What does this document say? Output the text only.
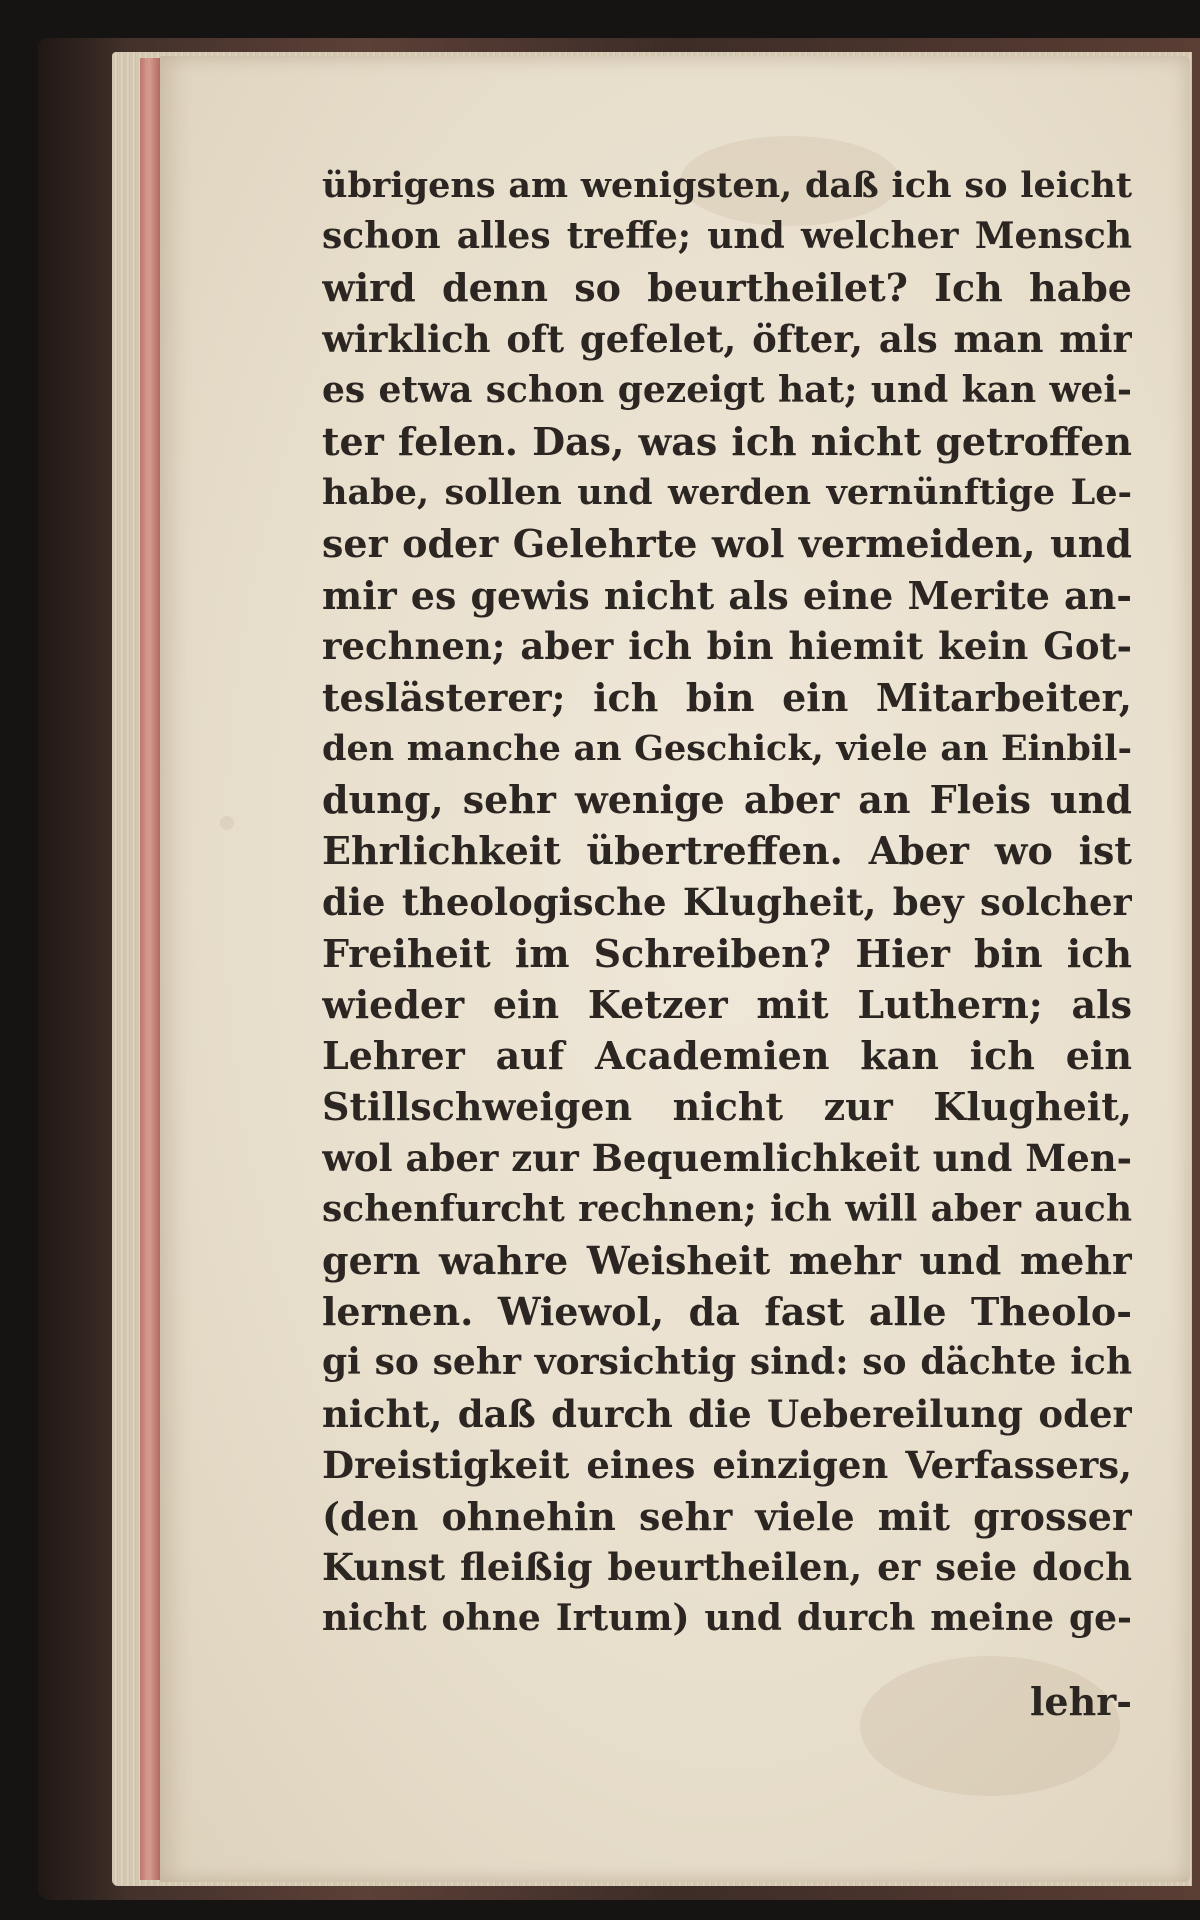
übrigens am wenigsten, daß ich so leicht
schon alles treffe; und welcher Mensch
wird denn so beurtheilet? Ich habe
wirklich oft gefelet, öfter, als man mir
es etwa schon gezeigt hat; und kan wei-
ter felen. Das, was ich nicht getroffen
habe, sollen und werden vernünftige Le-
ser oder Gelehrte wol vermeiden, und
mir es gewis nicht als eine Merite an-
rechnen; aber ich bin hiemit kein Got-
teslästerer; ich bin ein Mitarbeiter,
den manche an Geschick, viele an Einbil-
dung, sehr wenige aber an Fleis und
Ehrlichkeit übertreffen. Aber wo ist
die theologische Klugheit, bey solcher
Freiheit im Schreiben? Hier bin ich
wieder ein Ketzer mit Luthern; als
Lehrer auf Academien kan ich ein
Stillschweigen nicht zur Klugheit,
wol aber zur Bequemlichkeit und Men-
schenfurcht rechnen; ich will aber auch
gern wahre Weisheit mehr und mehr
lernen. Wiewol, da fast alle Theolo-
gi so sehr vorsichtig sind: so dächte ich
nicht, daß durch die Uebereilung oder
Dreistigkeit eines einzigen Verfassers,
(den ohnehin sehr viele mit grosser
Kunst fleißig beurtheilen, er seie doch
nicht ohne Irtum) und durch meine ge-
lehr-
